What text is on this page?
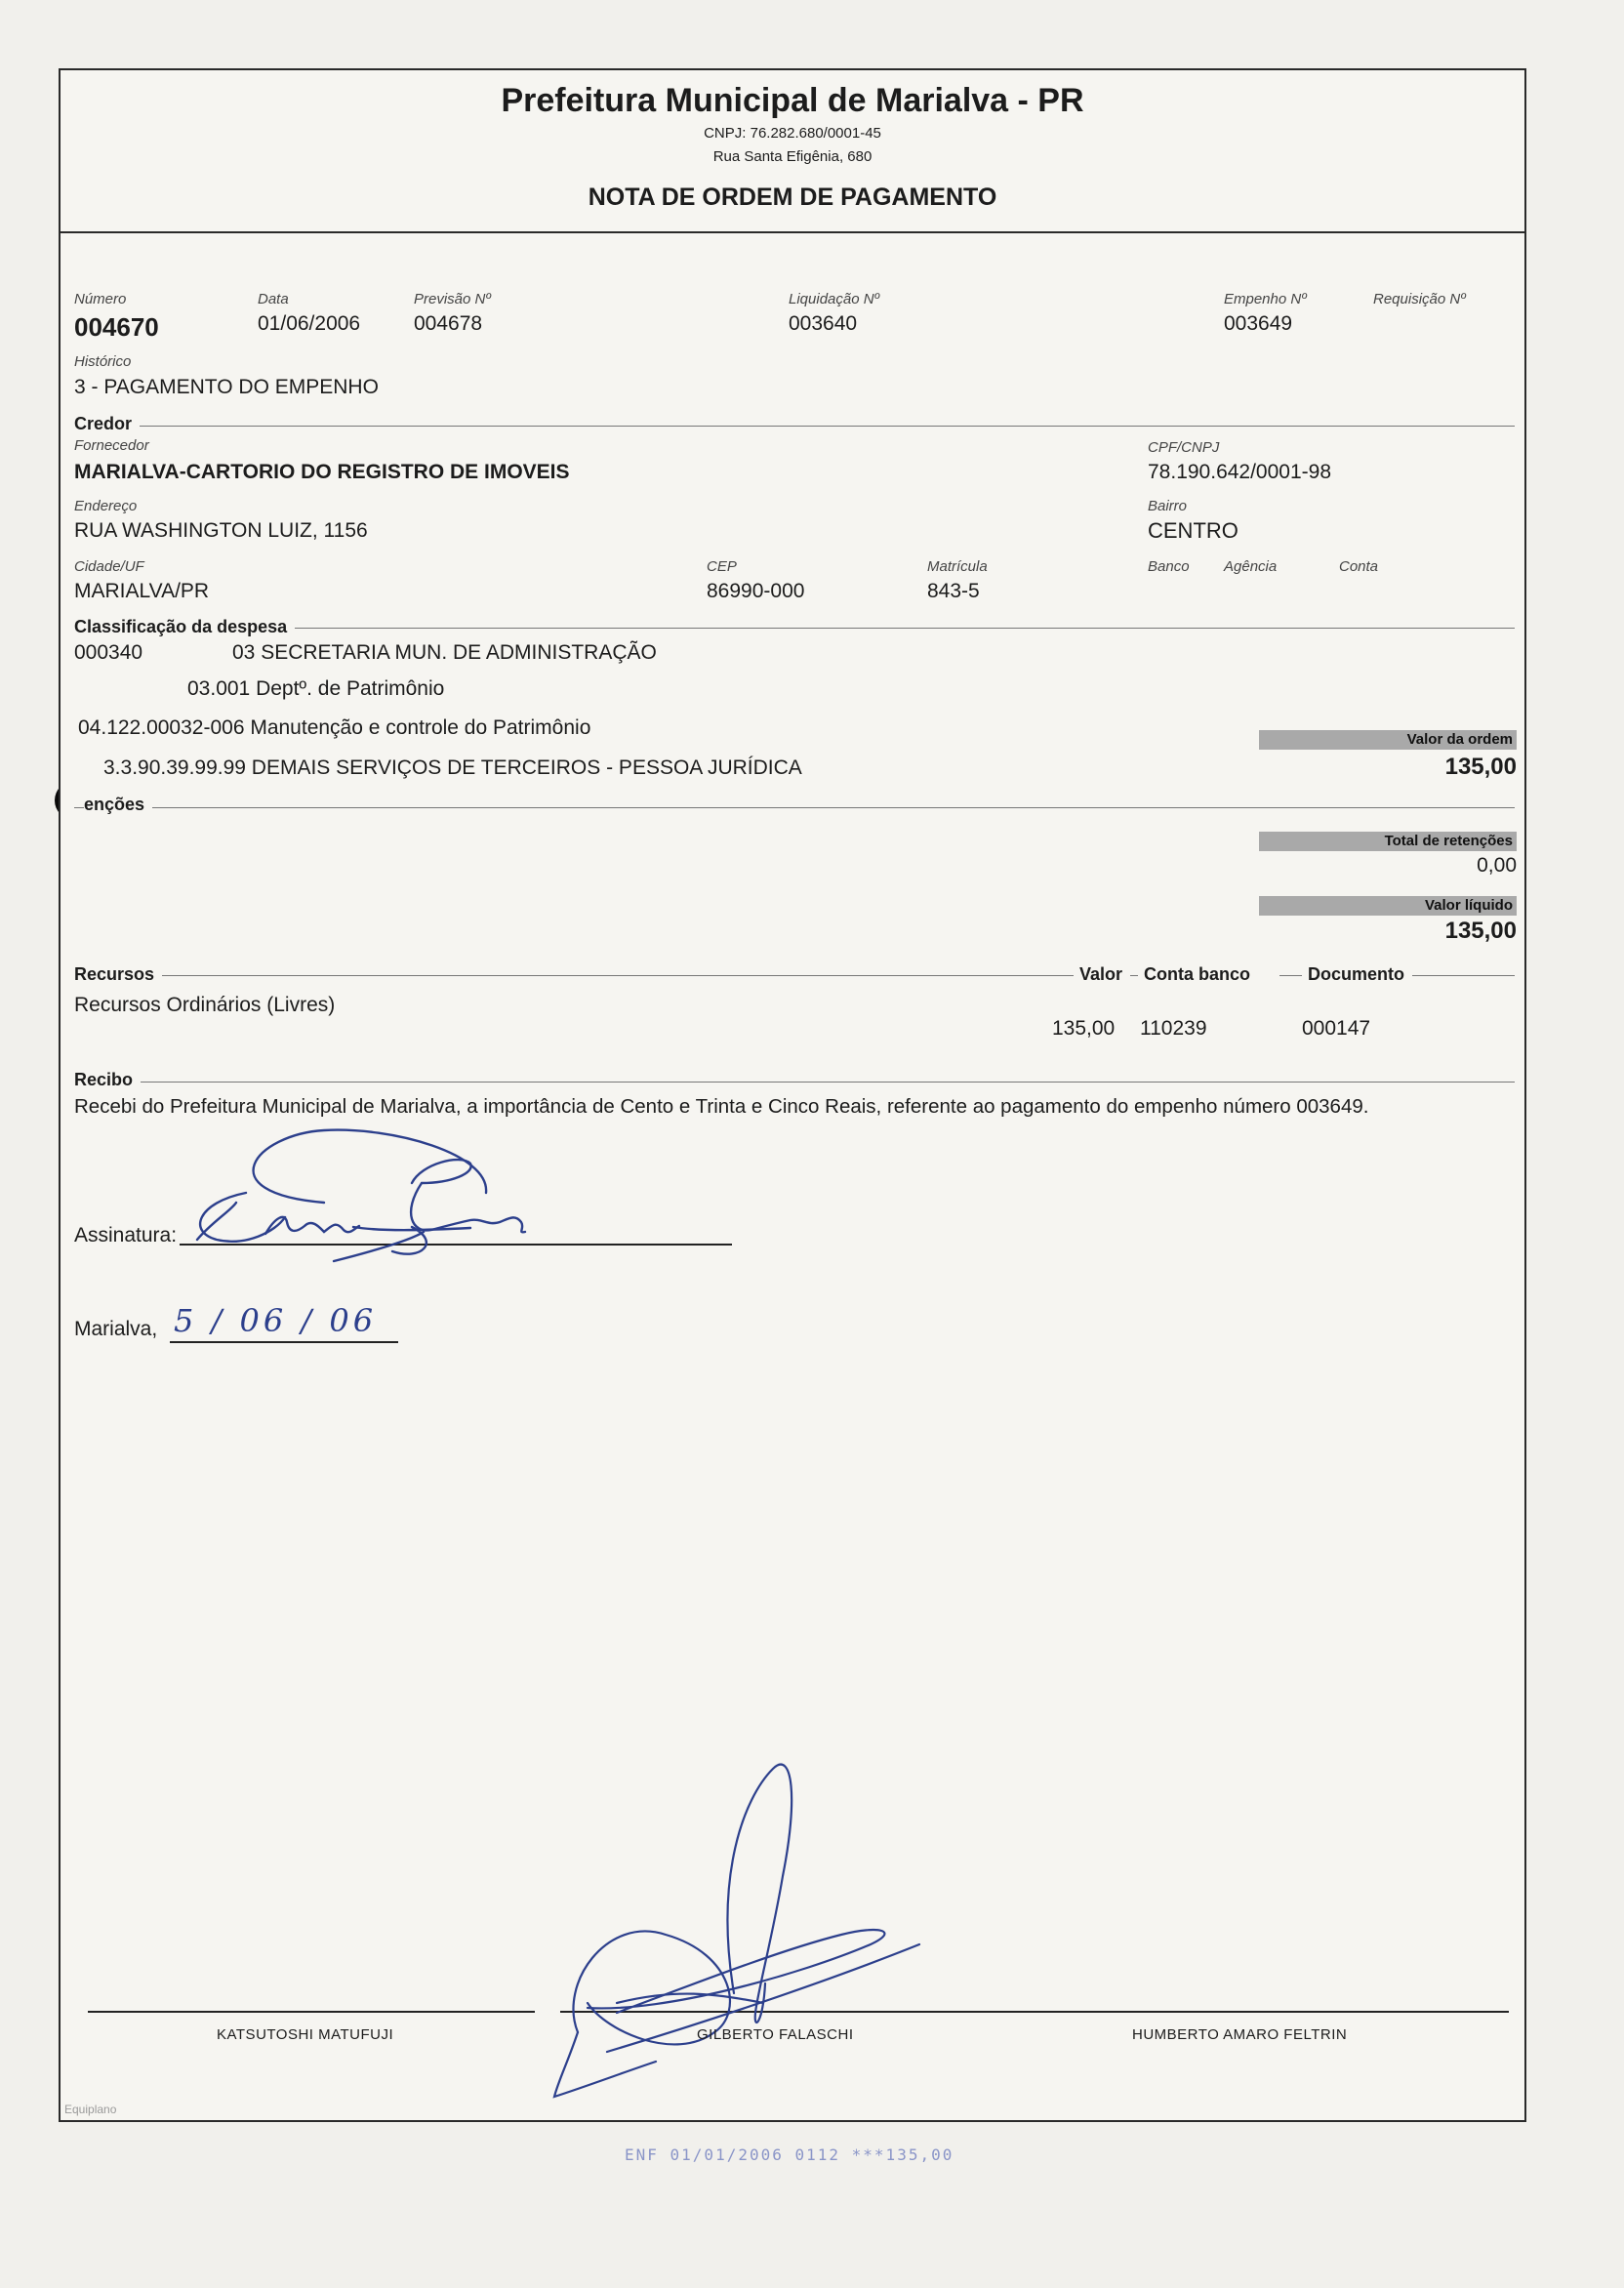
Prefeitura Municipal de Marialva - PR
CNPJ: 76.282.680/0001-45
Rua Santa Efigênia, 680
NOTA DE ORDEM DE PAGAMENTO
Número
004670
Data
01/06/2006
Previsão Nº
004678
Liquidação Nº
003640
Empenho Nº
003649
Requisição Nº
Histórico
3 - PAGAMENTO DO EMPENHO
Credor
Fornecedor
MARIALVA-CARTORIO DO REGISTRO DE IMOVEIS
CPF/CNPJ
78.190.642/0001-98
Endereço
RUA WASHINGTON LUIZ, 1156
Bairro
CENTRO
Cidade/UF
MARIALVA/PR
CEP
86990-000
Matrícula
843-5
Banco Agência	Conta
Classificação da despesa
000340	03 SECRETARIA MUN. DE ADMINISTRAÇÃO
03.001 Deptº. de Patrimônio
04.122.00032-006 Manutenção e controle do Patrimônio
3.3.90.39.99.99 DEMAIS SERVIÇOS DE TERCEIROS - PESSOA JURÍDICA
Valor da ordem
135,00
enções
Total de retenções
0,00
Valor líquido
135,00
Recursos	Valor	Conta banco	Documento
Recursos Ordinários (Livres)
135,00 110239	000147
Recibo
Recebi do Prefeitura Municipal de Marialva, a importância de Cento e Trinta e Cinco Reais, referente ao pagamento do empenho número 003649.
Assinatura:
Marialva, 5 / 06 / 06
KATSUTOSHI MATUFUJI	GILBERTO FALASCHI	HUMBERTO AMARO FELTRIN
Equiplano
ENF 01/01/2006 0112 ***135,00
